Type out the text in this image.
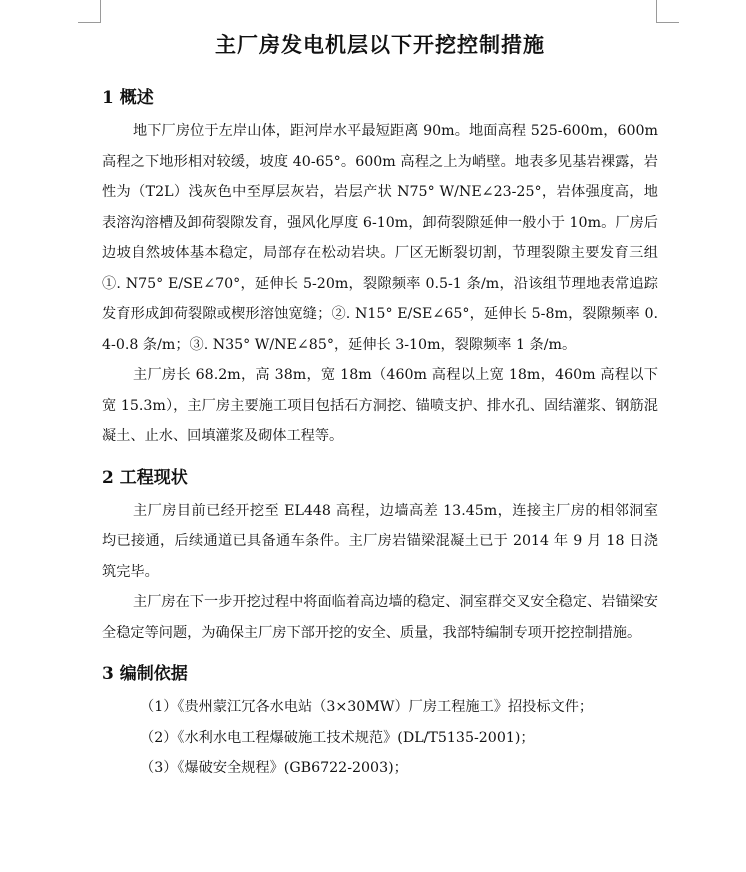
主厂房发电机层以下开挖控制措施
1 概述

地下厂房位于左岸山体，距河岸水平最短距离 90m。地面高程 525-600m，600m 高程之下地形相对较缓，坡度 40-65°。600m 高程之上为峭壁。地表多见基岩裸露，岩性为（T2L）浅灰色中至厚层灰岩，岩层产状 N75° W/NE∠23-25°，岩体强度高，地表溶沟溶槽及卸荷裂隙发育，强风化厚度 6-10m，卸荷裂隙延伸一般小于 10m。厂房后边坡自然坡体基本稳定，局部存在松动岩块。厂区无断裂切割，节理裂隙主要发育三组①. N75° E/SE∠70°，延伸长 5-20m，裂隙频率 0.5-1 条/m，沿该组节理地表常追踪发育形成卸荷裂隙或楔形溶蚀宽缝；②. N15° E/SE∠65°，延伸长 5-8m，裂隙频率 0.4-0.8 条/m；③. N35° W/NE∠85°，延伸长 3-10m，裂隙频率 1 条/m。

主厂房长 68.2m，高 38m，宽 18m（460m 高程以上宽 18m，460m 高程以下宽 15.3m），主厂房主要施工项目包括石方洞挖、锚喷支护、排水孔、固结灌浆、钢筋混凝土、止水、回填灌浆及砌体工程等。

2 工程现状

主厂房目前已经开挖至 EL448 高程，边墙高差 13.45m，连接主厂房的相邻洞室均已接通，后续通道已具备通车条件。主厂房岩锚梁混凝土已于 2014 年 9 月 18 日浇筑完毕。

主厂房在下一步开挖过程中将面临着高边墙的稳定、洞室群交叉安全稳定、岩锚梁安全稳定等问题，为确保主厂房下部开挖的安全、质量，我部特编制专项开挖控制措施。

3 编制依据

（1）《贵州蒙江冗各水电站（3×30MW）厂房工程施工》招投标文件；

（2）《水利水电工程爆破施工技术规范》(DL/T5135-2001)；

（3）《爆破安全规程》(GB6722-2003)；
